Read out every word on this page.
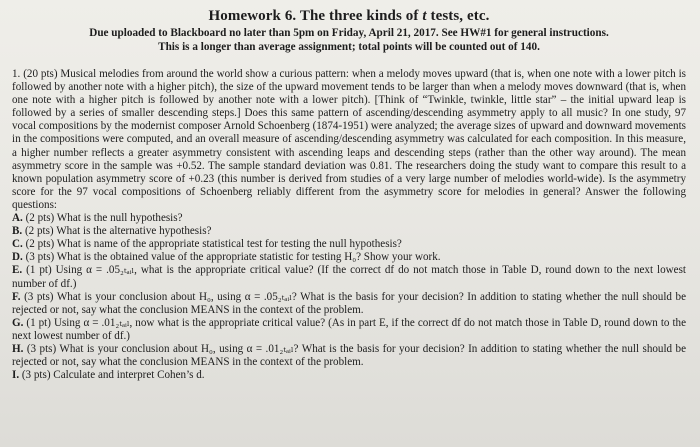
Homework 6. The three kinds of t tests, etc.

Due uploaded to Blackboard no later than 5pm on Friday, April 21, 2017. See HW#1 for general instructions.

This is a longer than average assignment; total points will be counted out of 140.

1. (20 pts) Musical melodies from around the world show a curious pattern: when a melody moves upward (that is, when one note with a lower pitch is followed by another note with a higher pitch), the size of the upward movement tends to be larger than when a melody moves downward (that is, when one note with a higher pitch is followed by another note with a lower pitch). [Think of “Twinkle, twinkle, little star” – the initial upward leap is followed by a series of smaller descending steps.] Does this same pattern of ascending/descending asymmetry apply to all music? In one study, 97 vocal compositions by the modernist composer Arnold Schoenberg (1874-1951) were analyzed; the average sizes of upward and downward movements in the compositions were computed, and an overall measure of ascending/descending asymmetry was calculated for each composition. In this measure, a higher number reflects a greater asymmetry consistent with ascending leaps and descending steps (rather than the other way around). The mean asymmetry score in the sample was +0.52. The sample standard deviation was 0.81. The researchers doing the study want to compare this result to a known population asymmetry score of +0.23 (this number is derived from studies of a very large number of melodies world-wide). Is the asymmetry score for the 97 vocal compositions of Schoenberg reliably different from the asymmetry score for melodies in general? Answer the following questions:

A. (2 pts) What is the null hypothesis?

B. (2 pts) What is the alternative hypothesis?

C. (2 pts) What is name of the appropriate statistical test for testing the null hypothesis?

D. (3 pts) What is the obtained value of the appropriate statistic for testing H₀? Show your work.

E. (1 pt) Using α = .05₂ₜₐᵢₗ, what is the appropriate critical value? (If the correct df do not match those in Table D, round down to the next lowest number of df.)

F. (3 pts) What is your conclusion about H₀, using α = .05₂ₜₐᵢₗ? What is the basis for your decision? In addition to stating whether the null should be rejected or not, say what the conclusion MEANS in the context of the problem.

G. (1 pt) Using α = .01₂ₜₐᵢₗ, now what is the appropriate critical value? (As in part E, if the correct df do not match those in Table D, round down to the next lowest number of df.)

H. (3 pts) What is your conclusion about H₀, using α = .01₂ₜₐᵢₗ? What is the basis for your decision? In addition to stating whether the null should be rejected or not, say what the conclusion MEANS in the context of the problem.

I. (3 pts) Calculate and interpret Cohen’s d.
